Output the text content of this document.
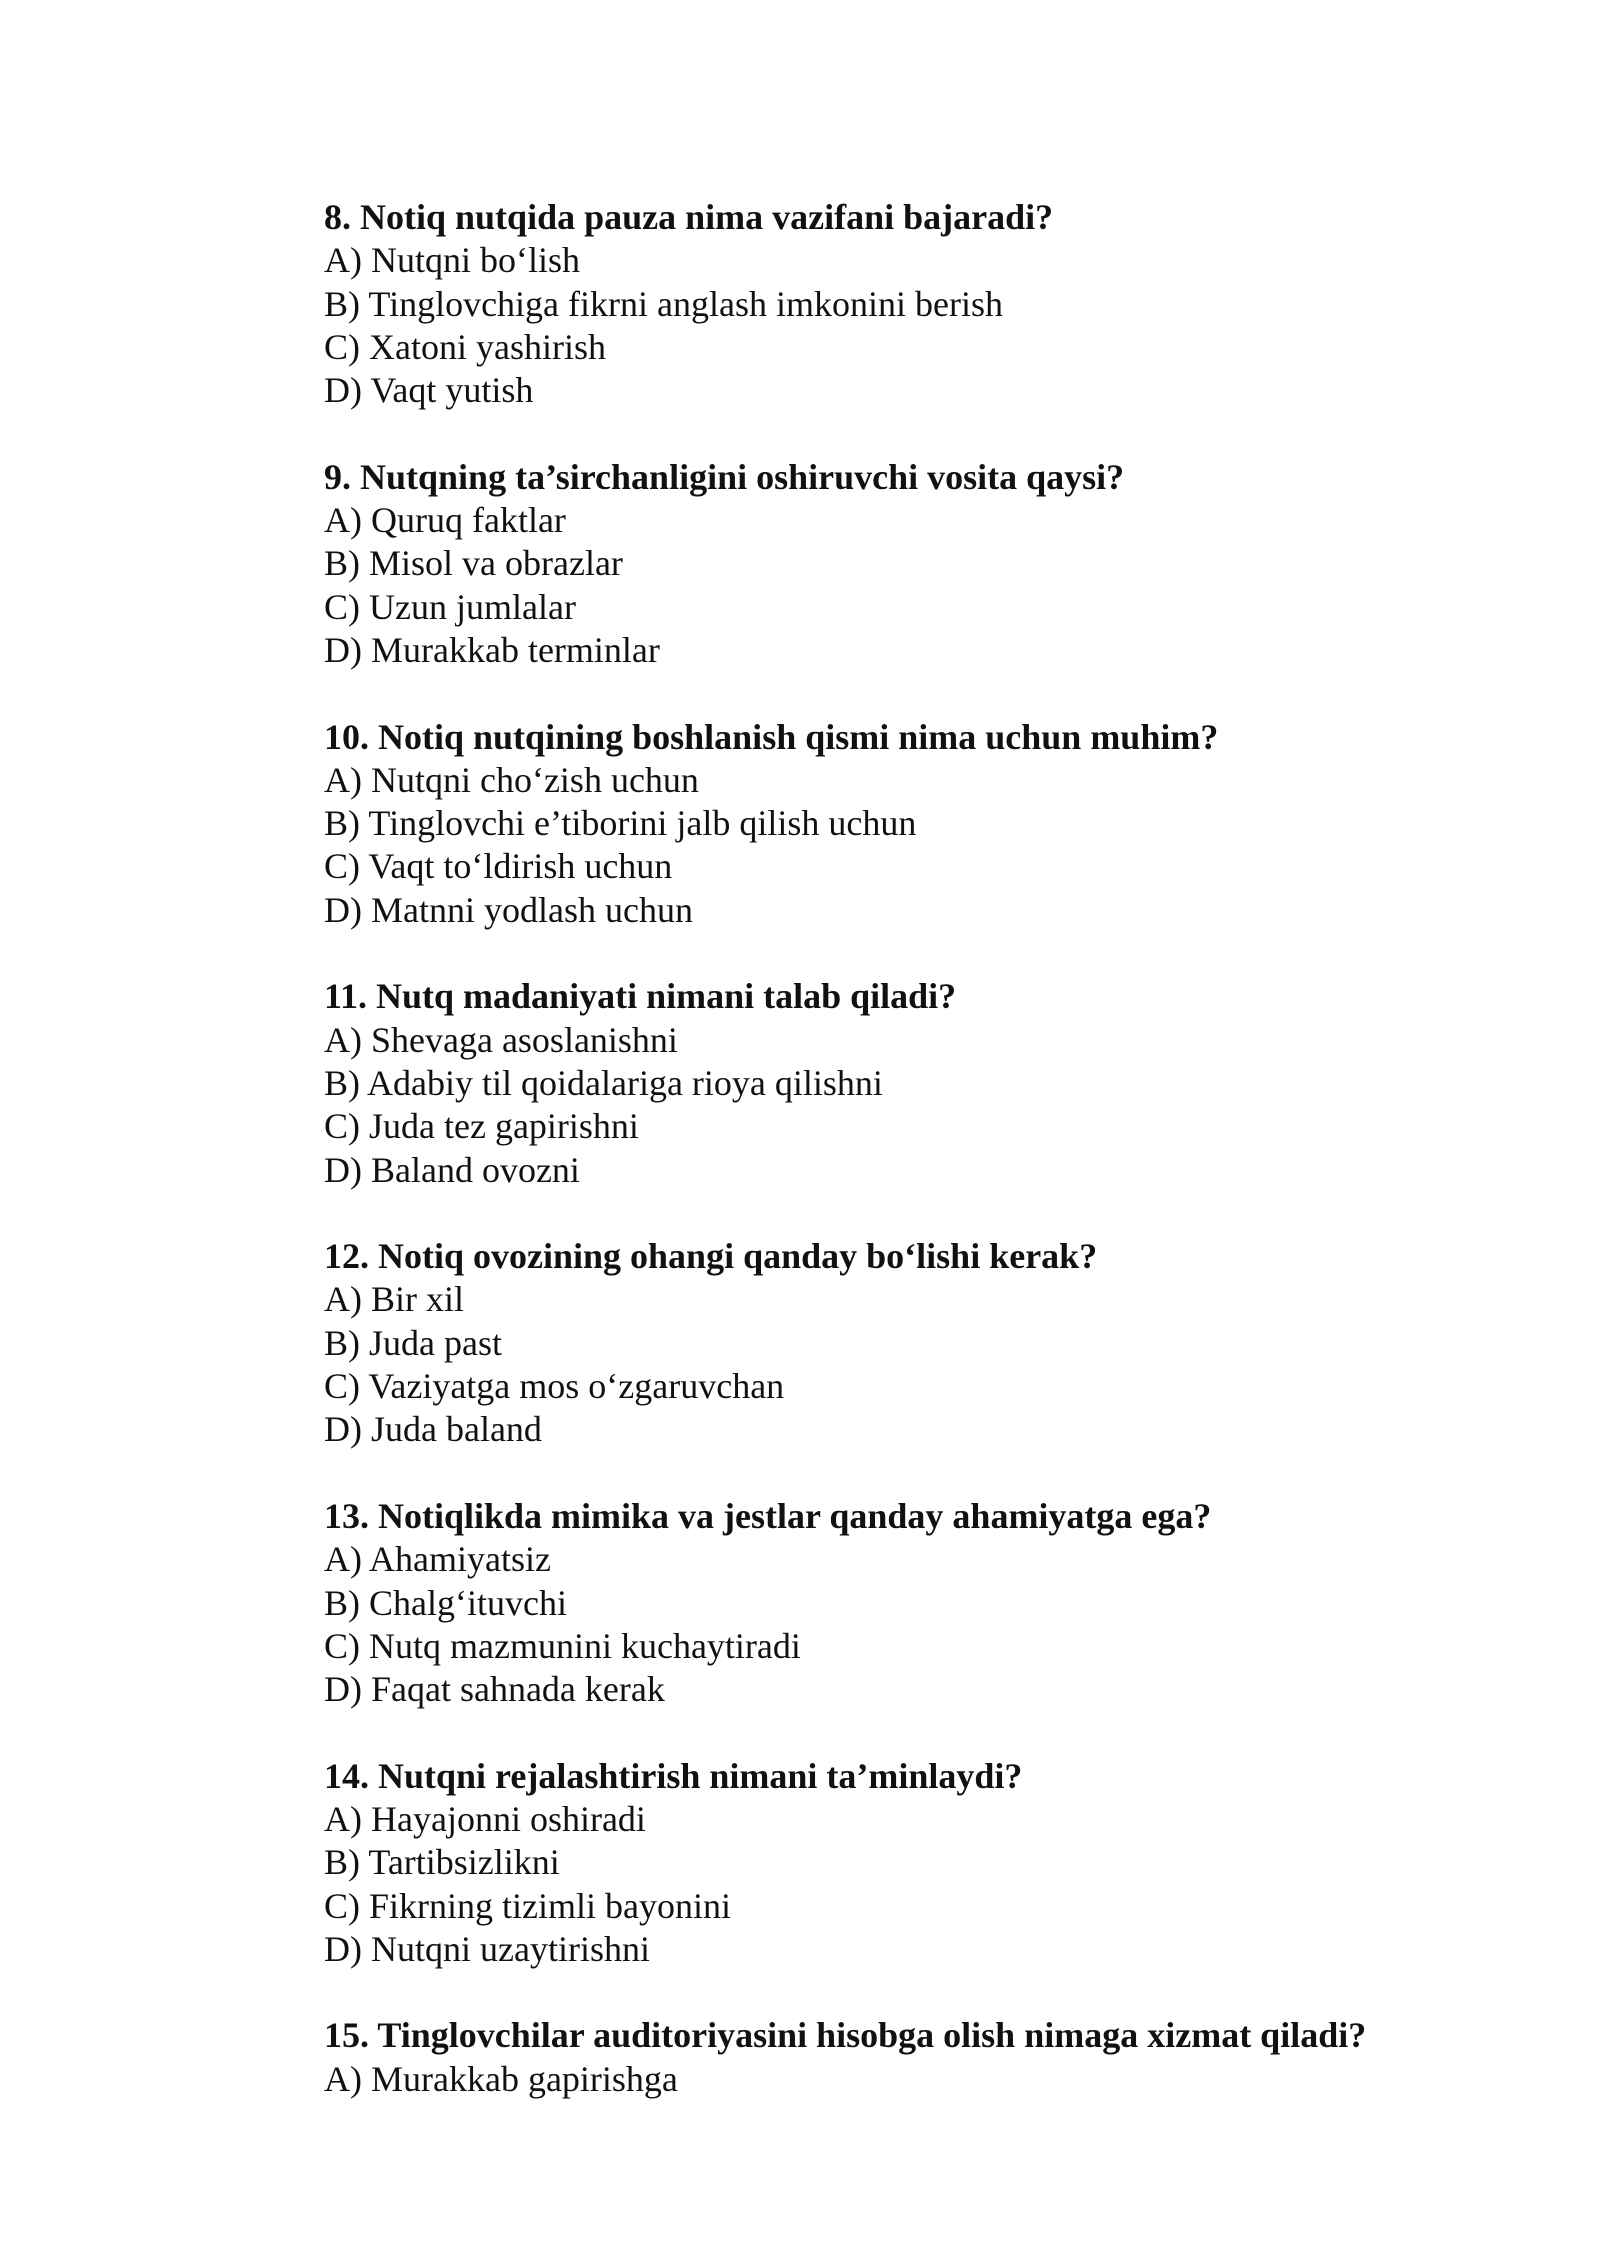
8. Notiq nutqida pauza nima vazifani bajaradi?
A) Nutqni bo‘lish
B) Tinglovchiga fikrni anglash imkonini berish
C) Xatoni yashirish
D) Vaqt yutish
9. Nutqning ta’sirchanligini oshiruvchi vosita qaysi?
A) Quruq faktlar
B) Misol va obrazlar
C) Uzun jumlalar
D) Murakkab terminlar
10. Notiq nutqining boshlanish qismi nima uchun muhim?
A) Nutqni cho‘zish uchun
B) Tinglovchi e’tiborini jalb qilish uchun
C) Vaqt to‘ldirish uchun
D) Matnni yodlash uchun
11. Nutq madaniyati nimani talab qiladi?
A) Shevaga asoslanishni
B) Adabiy til qoidalariga rioya qilishni
C) Juda tez gapirishni
D) Baland ovozni
12. Notiq ovozining ohangi qanday bo‘lishi kerak?
A) Bir xil
B) Juda past
C) Vaziyatga mos o‘zgaruvchan
D) Juda baland
13. Notiqlikda mimika va jestlar qanday ahamiyatga ega?
A) Ahamiyatsiz
B) Chalg‘ituvchi
C) Nutq mazmunini kuchaytiradi
D) Faqat sahnada kerak
14. Nutqni rejalashtirish nimani ta’minlaydi?
A) Hayajonni oshiradi
B) Tartibsizlikni
C) Fikrning tizimli bayonini
D) Nutqni uzaytirishni
15. Tinglovchilar auditoriyasini hisobga olish nimaga xizmat qiladi?
A) Murakkab gapirishga
